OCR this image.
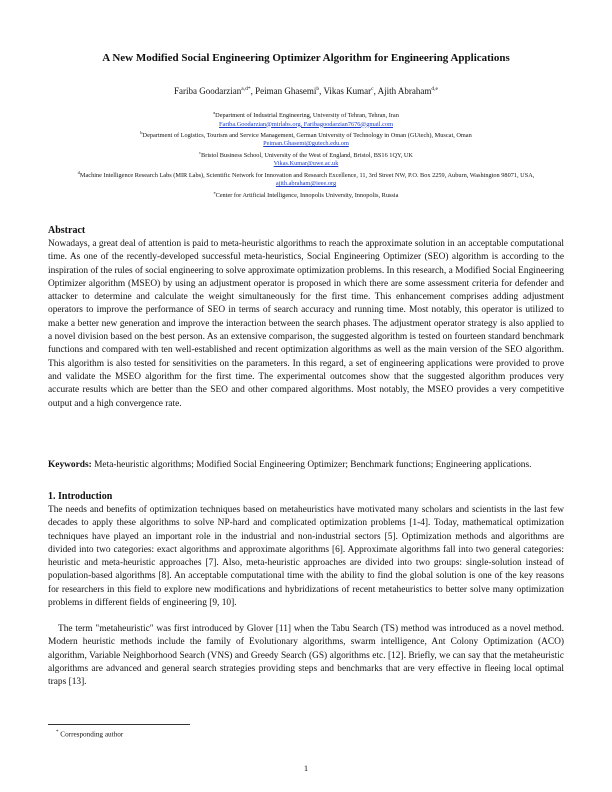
A New Modified Social Engineering Optimizer Algorithm for Engineering Applications
Fariba Goodarzian$^{a,d*}$, Peiman Ghasemi$^b$, Vikas Kumar$^c$, Ajith Abraham$^{d,e}$
$^a$Department of Industrial Engineering, University of Tehran, Tehran, Iran
Fariba.Goodarzian@mirlabs.org, Faribagoodarzian7676@gmail.com
$^b$Department of Logistics, Tourism and Service Management, German University of Technology in Oman (GUtech), Muscat, Oman
Peiman.Ghasemi@gutech.edu.om
$^c$Bristol Business School, University of the West of England, Bristol, BS16 1QY, UK
Vikas.Kumar@uwe.ac.uk
$^d$Machine Intelligence Research Labs (MIR Labs), Scientific Network for Innovation and Research Excellence, 11, 3rd Street NW, P.O. Box 2259, Auburn, Washington 98071, USA,
ajith.abraham@ieee.org
$^e$Center for Artificial Intelligence, Innopolis University, Innopolis, Russia
Abstract
Nowadays, a great deal of attention is paid to meta-heuristic algorithms to reach the approximate solution in an acceptable computational time. As one of the recently-developed successful meta-heuristics, Social Engineering Optimizer (SEO) algorithm is according to the inspiration of the rules of social engineering to solve approximate optimization problems. In this research, a Modified Social Engineering Optimizer algorithm (MSEO) by using an adjustment operator is proposed in which there are some assessment criteria for defender and attacker to determine and calculate the weight simultaneously for the first time. This enhancement comprises adding adjustment operators to improve the performance of SEO in terms of search accuracy and running time. Most notably, this operator is utilized to make a better new generation and improve the interaction between the search phases. The adjustment operator strategy is also applied to a novel division based on the best person. As an extensive comparison, the suggested algorithm is tested on fourteen standard benchmark functions and compared with ten well-established and recent optimization algorithms as well as the main version of the SEO algorithm. This algorithm is also tested for sensitivities on the parameters. In this regard, a set of engineering applications were provided to prove and validate the MSEO algorithm for the first time. The experimental outcomes show that the suggested algorithm produces very accurate results which are better than the SEO and other compared algorithms. Most notably, the MSEO provides a very competitive output and a high convergence rate.
Keywords: Meta-heuristic algorithms; Modified Social Engineering Optimizer; Benchmark functions; Engineering applications.
1. Introduction
The needs and benefits of optimization techniques based on metaheuristics have motivated many scholars and scientists in the last few decades to apply these algorithms to solve NP-hard and complicated optimization problems [1-4]. Today, mathematical optimization techniques have played an important role in the industrial and non-industrial sectors [5]. Optimization methods and algorithms are divided into two categories: exact algorithms and approximate algorithms [6]. Approximate algorithms fall into two general categories: heuristic and meta-heuristic approaches [7]. Also, meta-heuristic approaches are divided into two groups: single-solution instead of population-based algorithms [8]. An acceptable computational time with the ability to find the global solution is one of the key reasons for researchers in this field to explore new modifications and hybridizations of recent metaheuristics to better solve many optimization problems in different fields of engineering [9, 10].
The term "metaheuristic" was first introduced by Glover [11] when the Tabu Search (TS) method was introduced as a novel method. Modern heuristic methods include the family of Evolutionary algorithms, swarm intelligence, Ant Colony Optimization (ACO) algorithm, Variable Neighborhood Search (VNS) and Greedy Search (GS) algorithms etc. [12]. Briefly, we can say that the metaheuristic algorithms are advanced and general search strategies providing steps and benchmarks that are very effective in fleeing local optimal traps [13].
* Corresponding author
1
